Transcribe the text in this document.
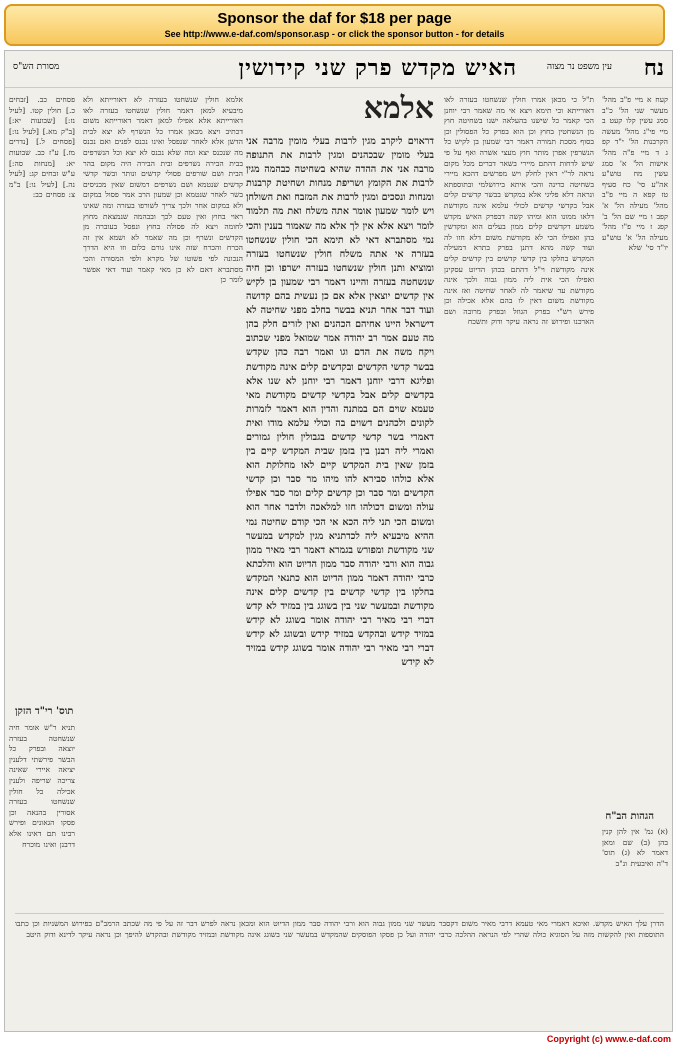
Sponsor the daf for $18 per page
See http://www.e-daf.com/sponsor.asp - or click the sponsor button - for details
נח
עין משפט נר מצוה
האיש מקדש פרק שני קידושין
מסורת הש"ס
קעח א מיי פ"ב מהל' מעשר שני הל' כ"ב סמג עשין קלו קעט ב מיי פי"ג מהל' מעשה הקרבנות הל' י"ד קפ ג ד מיי פ"ה מהל' אישות הל' א' סמג עשין מח טוש"ע אה"ע סי' כח סעיף טז קפא ה מיי פ"ב מהל' מעילה הל' א' קפב ו מיי שם הל' ב' קפג ז מיי פ"ו מהל' מעילה הל' א' טוש"ע יו"ד סי' שלא
ת"ל כי מכאן אמרו חולין שנשחטו בעזרה לאו דאורייתא וכי תימא ויצא אי מה שאמר רבי יוחנן הכי קאמר כל שישנו בהעלאה ישנו בשחיטה חוץ מן הנשחטין בחוץ וכן הוא בפרק כל הפסולין וכן בסוף מסכת תמורה דאמר רבי שמעון בן לקיש כל הנשרפין אפרן מותר חוץ מעצי אשרה ואף על פי שיש לדחות דהתם מיירי בשאר דברים מכל מקום נראה לר"י דאין לחלק ויש מפרשים דהכא מיירי בשחיטה כדינה והכי איתא בירושלמי ובתוספתא ונראה דלא פליגי אלא במקדש בבשר קדשים קלים אבל בקדשי קדשים לכולי עלמא אינה מקודשת דלאו ממונו הוא ומיהו קשה דבפרק האיש מקדש משמע דקדשים קלים ממון בעלים הוא ומקדשין בהן ואפילו הכי לא מקודשת משום דלא חזו לה ועוד קשה מהא דתנן בפרק בתרא דמעילה המקדש בחלקו בין קדשי קדשים בין קדשים קלים אינה מקודשת וי"ל דהתם בכהן הדיוט עסקינן ואפילו הכי אית ליה ממון גבוה ולכך אינה מקודשת עד שיאמר לה לאחר שחיטה ואז אינה מקודשת משום דאין לו בהם אלא אכילה וכן פירש רש"י בפרק הגוזל ובפרק מרובה ושם הארכנו ופירוש זה נראה עיקר ודוק ותשכח
אלמא
דראוים ליקרב מגין לרבות בעלי מומין מרבה אני בעלי מומין שבכהנים ומגין לרבות את התנופה מרבה אני את ההדה שהיא בשחיטה כבהמה מגין לרבות את הקומץ ושריפת מנחות ושחיטת קרבנות ומנחות ונסכים ומגין לרבות את המזבח ואת השולחן ויש לומר שמעון אומר אתה משלח ואת מה תלמוד לומר ויצא אלא אין לך אלא מה שאמור בענין והכי נמי מסתברא דאי לא תימא הכי חולין שנשחטו בעזרה אי אתה משלח חולין שנשחטו בעזרה ומוציא ותנן חולין שנשחטו בעזרה ישרפו וכן חיה שנשחטה בעזרה והיינו דאמר רבי שמעון בן לקיש אין קדשים יוצאין אלא אם כן נעשית בהם קדושה ועוד דבר אחר תניא בבשר בחלב מפני שחיטה לא דישראל היינו אחיהם הכהנים ואין לזרים חלק בהן מה טעם אמר רב יהודה אמר שמואל מפני שכתוב ויקח משה את הדם וגו ואמר רבה כהן שקדש בבשר קדשי הקדשים ובקדשים קלים אינה מקודשת ופליגא דרבי יוחנן דאמר רבי יוחנן לא שנו אלא בקדשים קלים אבל בקדשי קדשים מקודשת מאי טעמא שוים הם במתנה והדין הוא דאמר לזמרות לקונים ולכהנים דשוים בה וכולי עלמא מודו ואית דאמרי בשר קדשי קדשים בגבולין חולין גמורים ואמרי ליה רבנן בין בזמן שבית המקדש קיים בין בזמן שאין בית המקדש קיים לאו מחלוקת הוא אלא כולהו סבירא להו מיהו מר סבר וכן קדשי הקדשים ומר סבר וכן קדשים קלים ומר סבר אפילו עולה ומשום דכולהו חזו למלאכה ולדבר אחר הוא ומשום הכי תני ליה הכא אי הכי קודם שחיטה נמי ההיא מיבעיא ליה לכדתניא מגין למקדש במעשר שני מקודשת ומפורש בגמרא דאמר רבי מאיר ממון גבוה הוא ורבי יהודה סבר ממון הדיוט הוא והלכתא כרבי יהודה דאמר ממון הדיוט הוא כתנאי המקדש בחלקו בין קדשי קדשים בין קדשים קלים אינה מקודשת ובמעשר שני בין בשוגג בין במזיד לא קדש דברי רבי מאיר רבי יהודה אומר בשוגג לא קידש במזיד קידש ובהקדש במזיד קידש ובשוגג לא קידש דברי רבי מאיר רבי יהודה אומר בשוגג קידש במזיד לא קידש
אלמא חולין שנשחטו בעזרה לא דאורייתא ולא מיבעיא למאן דאמר חולין שנשחטו בעזרה לאו דאורייתא אלא אפילו למאן דאמר דאורייתא משום דכתיב ויצא מכאן אמרו כל הנשרף לא יצא לבית הדשן אלא לאחר שנפסל ואינו נכנס לפנים ואם נכנס מה שנכנס יצא ומה שלא נכנס לא יצא וכל הנשרפים בבית הבירה נשרפים ובית הבירה היה מקום בהר הבית ושם שורפים פסולי קדשים ונותר ובשר קדשי קדשים שנטמא ושם נשרפים דמשום שאין מכניסים בשר לאחר שנטמא וכן שמעון הרב אמר פסול במקום ולא במקום אחר ולכך צריך לשורפו בעזרה ומה שאינו ראוי בחוץ ואין טעם לכך ובבהמה שנמצאת מחוץ לחומה ויצא לה פסולה בחוץ ונפסל בעוברה מן הקדשים ונשרף וכן מה שאמר לא ושמא אין זה הכרח והכרח שזה אינו גורם כלום וזו היא הדרך הנכונה לפי פשוטו של מקרא ולפי המסורה והכי מסתברא דאם לא כן מאי קאמר ועוד דאי אפשר לומר כן
פסחים כב. [זבחים כ.] חולין קטו. [לעיל נז:] [שבועות יא:] [ב"ק מא.] [לעיל נו:] [פסחים ל.] [נדרים מז.] ע"ז כב. שבועות יא: [מנחות סה:] ע"ש זבחים קג: [לעיל נה.] [לעיל נו:] ב"מ צ: פסחים כב:
תוס' רי"ד הזקן
תניא ר"ש אומר חיה שנשחטה בעזרה יוצאה ובפרק כל הבשר פירשתי דלענין יציאה איירי שאינה צריכה שריפה ולענין אכילה כל חולין שנשחטו בעזרה אסורין בהנאה וכן פסקו הגאונים ופירש רבינו תם דאינו אלא דרבנן ואינו מוכרח
הגהות הב"ח
(א) גמ' אין להן קנין בהן (ב) שם ומאן דאמר לא (ג) תוס' ד"ה ואיבעית ונ"ב
הדרן עלך האיש מקדש. ואיכא דאמרי מאי טעמא דרבי מאיר משום דקסבר מעשר שני ממון גבוה הוא ורבי יהודה סבר ממון הדיוט הוא ומכאן נראה לפרש דבר זה על פי מה שכתב הרמב"ם בפירוש המשניות וכן כתבו התוספות ואין להקשות מזה על הסוגיא כולה שהרי לפי הנראה ההלכה כרבי יהודה ועל כן פסקו הפוסקים שהמקדש במעשר שני בשוגג אינה מקודשת ובמזיד מקודשת ובהקדש להיפך וכן נראה עיקר לדינא ודוק היטב
Copyright (c) www.e-daf.com
